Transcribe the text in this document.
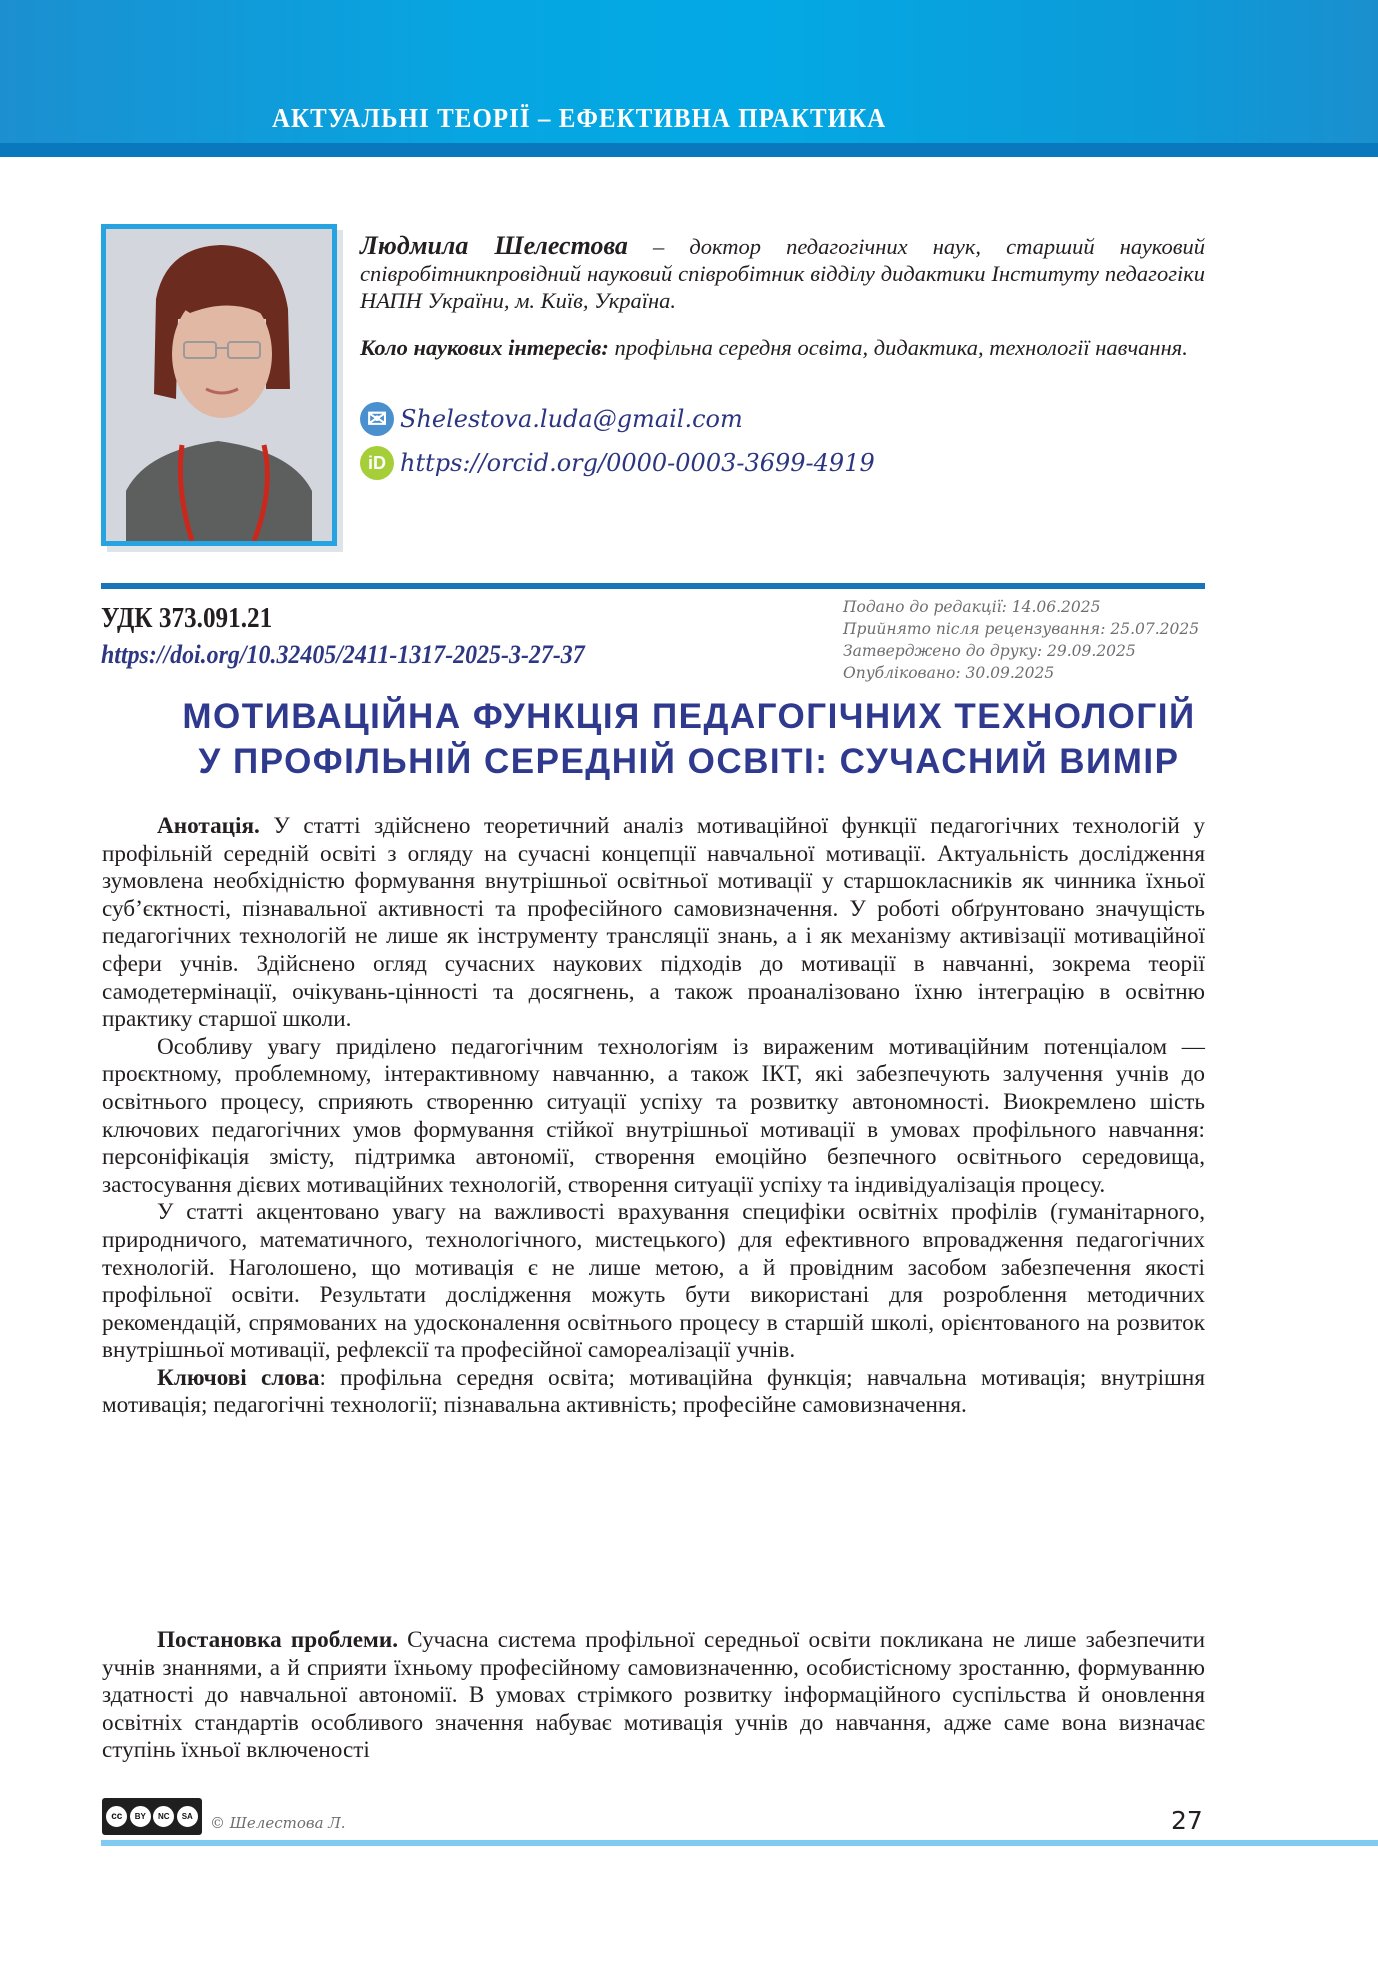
АКТУАЛЬНІ ТЕОРІЇ – ЕФЕКТИВНА ПРАКТИКА
Людмила Шелестова – доктор педагогічних наук, старший науковий співробітникпровідний науковий співробітник відділу дидактики Інституту педагогіки НАПН України, м. Київ, Україна.
Коло наукових інтересів: профільна середня освіта, дидактика, технології навчання.
✉ Shelestova.luda@gmail.com
iD https://orcid.org/0000-0003-3699-4919
УДК 373.091.21
https://doi.org/10.32405/2411-1317-2025-3-27-37
Подано до редакції: 14.06.2025
Прийнято після рецензування: 25.07.2025
Затверджено до друку: 29.09.2025
Опубліковано: 30.09.2025
МОТИВАЦІЙНА ФУНКЦІЯ ПЕДАГОГІЧНИХ ТЕХНОЛОГІЙ
У ПРОФІЛЬНІЙ СЕРЕДНІЙ ОСВІТІ: СУЧАСНИЙ ВИМІР

Анотація. У статті здійснено теоретичний аналіз мотиваційної функції педагогічних технологій у профільній середній освіті з огляду на сучасні концепції навчальної мотивації. Актуальність дослідження зумовлена необхідністю формування внутрішньої освітньої мотивації у старшокласників як чинника їхньої суб’єктності, пізнавальної активності та професійного самовизначення. У роботі обґрунтовано значущість педагогічних технологій не лише як інструменту трансляції знань, а і як механізму активізації мотиваційної сфери учнів. Здійснено огляд сучасних наукових підходів до мотивації в навчанні, зокрема теорії самодетермінації, очікувань-цінності та досягнень, а також проаналізовано їхню інтеграцію в освітню практику старшої школи.

Особливу увагу приділено педагогічним технологіям із вираженим мотиваційним потенціалом — проєктному, проблемному, інтерактивному навчанню, а також ІКТ, які забезпечують залучення учнів до освітнього процесу, сприяють створенню ситуації успіху та розвитку автономності. Виокремлено шість ключових педагогічних умов формування стійкої внутрішньої мотивації в умовах профільного навчання: персоніфікація змісту, підтримка автономії, створення емоційно безпечного освітнього середовища, застосування дієвих мотиваційних технологій, створення ситуації успіху та індивідуалізація процесу.

У статті акцентовано увагу на важливості врахування специфіки освітніх профілів (гуманітарного, природничого, математичного, технологічного, мистецького) для ефективного впровадження педагогічних технологій. Наголошено, що мотивація є не лише метою, а й провідним засобом забезпечення якості профільної освіти. Результати дослідження можуть бути використані для розроблення методичних рекомендацій, спрямованих на удосконалення освітнього процесу в старшій школі, орієнтованого на розвиток внутрішньої мотивації, рефлексії та професійної самореалізації учнів.

Ключові слова: профільна середня освіта; мотиваційна функція; навчальна мотивація; внутрішня мотивація; педагогічні технології; пізнавальна активність; професійне самовизначення.

Постановка проблеми. Сучасна система профільної середньої освіти покликана не лише забезпечити учнів знаннями, а й сприяти їхньому професійному самовизначенню, особистісному зростанню, формуванню здатності до навчальної автономії. В умовах стрімкого розвитку інформаційного суспільства й оновлення освітніх стандартів особливого значення набуває мотивація учнів до навчання, адже саме вона визначає ступінь їхньої включеності

cc	BY	NC	SA	© Шелестова Л.	27
